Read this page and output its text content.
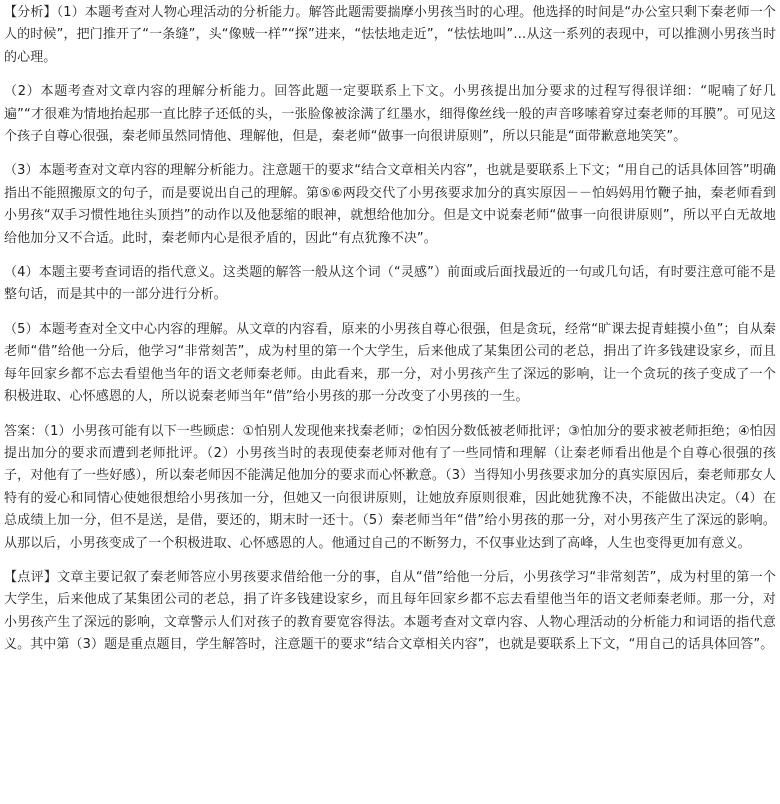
【分析】（1）本题考查对人物心理活动的分析能力。解答此题需要揣摩小男孩当时的心理。他选择的时间是“办公室只剩下秦老师一个人的时候”，把门推开了“一条缝”，头“像贼一样”“探”进来，“怯怯地走近”，“怯怯地叫”…从这一系列的表现中，可以推测小男孩当时的心理。

（2）本题考查对文章内容的理解分析能力。回答此题一定要联系上下文。小男孩提出加分要求的过程写得很详细：“呢喃了好几遍”“才很难为情地抬起那一直比脖子还低的头，一张脸像被涂满了红墨水，细得像丝线一般的声音哆嗦着穿过秦老师的耳膜”。可见这个孩子自尊心很强，秦老师虽然同情他、理解他，但是，秦老师“做事一向很讲原则”，所以只能是“面带歉意地笑笑”。

（3）本题考查对文章内容的理解分析能力。注意题干的要求“结合文章相关内容”，也就是要联系上下文；“用自己的话具体回答”明确指出不能照搬原文的句子，而是要说出自己的理解。第⑤⑥两段交代了小男孩要求加分的真实原因－－怕妈妈用竹鞭子抽，秦老师看到小男孩“双手习惯性地往头顶挡”的动作以及他瑟缩的眼神，就想给他加分。但是文中说秦老师“做事一向很讲原则”，所以平白无故地给他加分又不合适。此时，秦老师内心是很矛盾的，因此“有点犹豫不决”。

（4）本题主要考查词语的指代意义。这类题的解答一般从这个词（“灵感”）前面或后面找最近的一句或几句话，有时要注意可能不是整句话，而是其中的一部分进行分析。

（5）本题考查对全文中心内容的理解。从文章的内容看，原来的小男孩自尊心很强，但是贪玩，经常“旷课去捉青蛙摸小鱼”；自从秦老师“借”给他一分后，他学习“非常刻苦”，成为村里的第一个大学生，后来他成了某集团公司的老总，捐出了许多钱建设家乡，而且每年回家乡都不忘去看望他当年的语文老师秦老师。由此看来，那一分，对小男孩产生了深远的影响，让一个贪玩的孩子变成了一个积极进取、心怀感恩的人，所以说秦老师当年“借”给小男孩的那一分改变了小男孩的一生。

答案：（1）小男孩可能有以下一些顾虑：①怕别人发现他来找秦老师；②怕因分数低被老师批评；③怕加分的要求被老师拒绝；④怕因提出加分的要求而遭到老师批评。（2）小男孩当时的表现使秦老师对他有了一些同情和理解（让秦老师看出他是个自尊心很强的孩子，对他有了一些好感），所以秦老师因不能满足他加分的要求而心怀歉意。（3）当得知小男孩要求加分的真实原因后，秦老师那女人特有的爱心和同情心使她很想给小男孩加一分，但她又一向很讲原则，让她放弃原则很难，因此她犹豫不决，不能做出决定。（4）在总成绩上加一分，但不是送，是借，要还的，期末时一还十。（5）秦老师当年“借”给小男孩的那一分，对小男孩产生了深远的影响。从那以后，小男孩变成了一个积极进取、心怀感恩的人。他通过自己的不断努力，不仅事业达到了高峰，人生也变得更加有意义。

【点评】文章主要记叙了秦老师答应小男孩要求借给他一分的事，自从“借”给他一分后，小男孩学习“非常刻苦”，成为村里的第一个大学生，后来他成了某集团公司的老总，捐了许多钱建设家乡，而且每年回家乡都不忘去看望他当年的语文老师秦老师。那一分，对小男孩产生了深远的影响，文章警示人们对孩子的教育要宽容得法。本题考查对文章内容、人物心理活动的分析能力和词语的指代意义。其中第（3）题是重点题目，学生解答时，注意题干的要求“结合文章相关内容”，也就是要联系上下文，“用自己的话具体回答”。
